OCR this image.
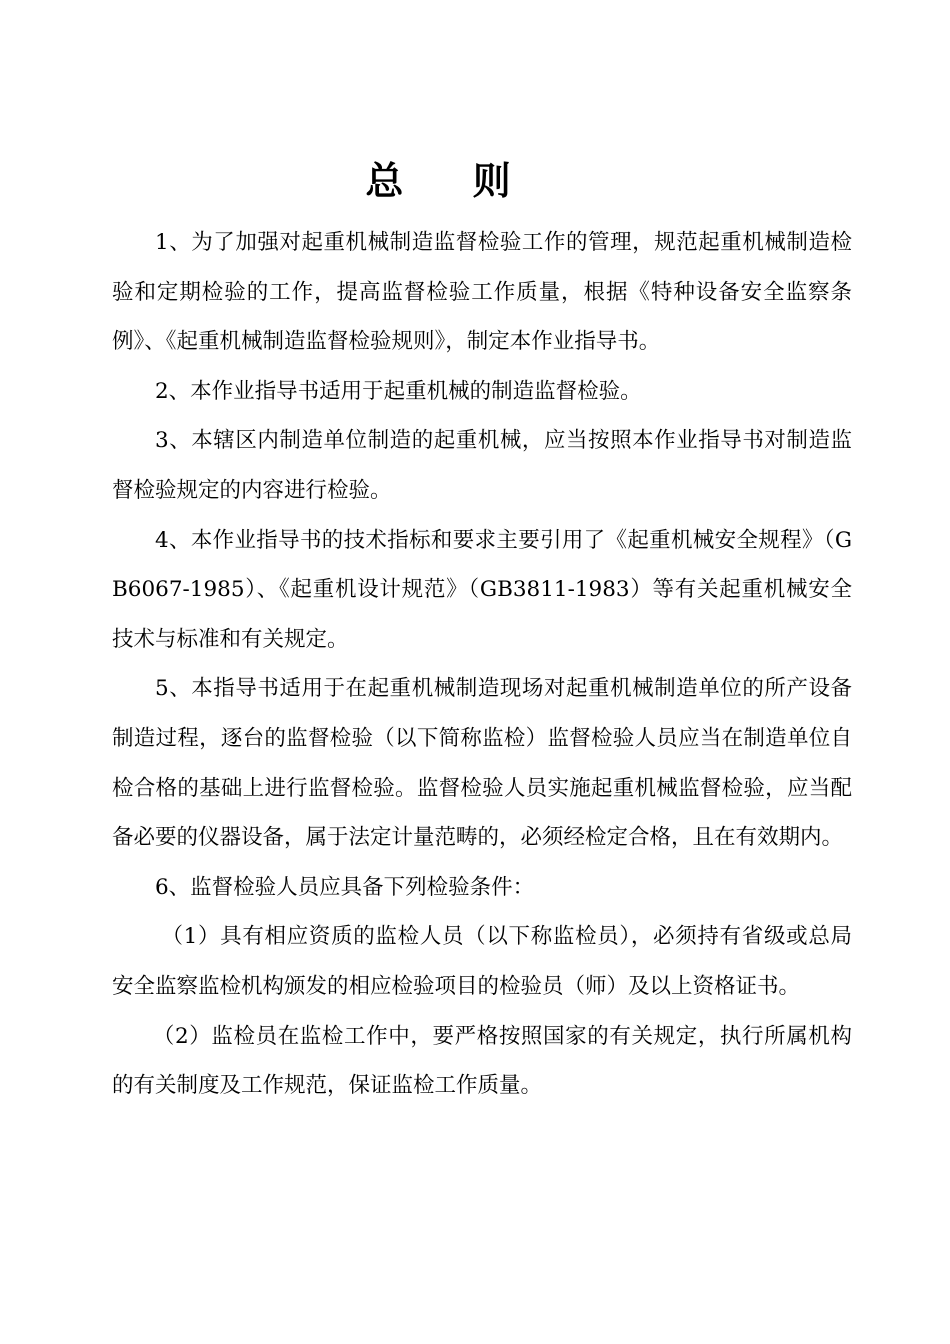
总 则

1、为了加强对起重机械制造监督检验工作的管理，规范起重机械制造检验和定期检验的工作，提高监督检验工作质量，根据《特种设备安全监察条例》、《起重机械制造监督检验规则》，制定本作业指导书。

2、本作业指导书适用于起重机械的制造监督检验。

3、本辖区内制造单位制造的起重机械，应当按照本作业指导书对制造监督检验规定的内容进行检验。

4、本作业指导书的技术指标和要求主要引用了《起重机械安全规程》（GB6067-1985）、《起重机设计规范》（GB3811-1983）等有关起重机械安全技术与标准和有关规定。

5、本指导书适用于在起重机械制造现场对起重机械制造单位的所产设备制造过程，逐台的监督检验（以下简称监检）监督检验人员应当在制造单位自检合格的基础上进行监督检验。监督检验人员实施起重机械监督检验，应当配备必要的仪器设备，属于法定计量范畴的，必须经检定合格，且在有效期内。

6、监督检验人员应具备下列检验条件：

（1）具有相应资质的监检人员（以下称监检员），必须持有省级或总局安全监察监检机构颁发的相应检验项目的检验员（师）及以上资格证书。

（2）监检员在监检工作中，要严格按照国家的有关规定，执行所属机构的有关制度及工作规范，保证监检工作质量。
